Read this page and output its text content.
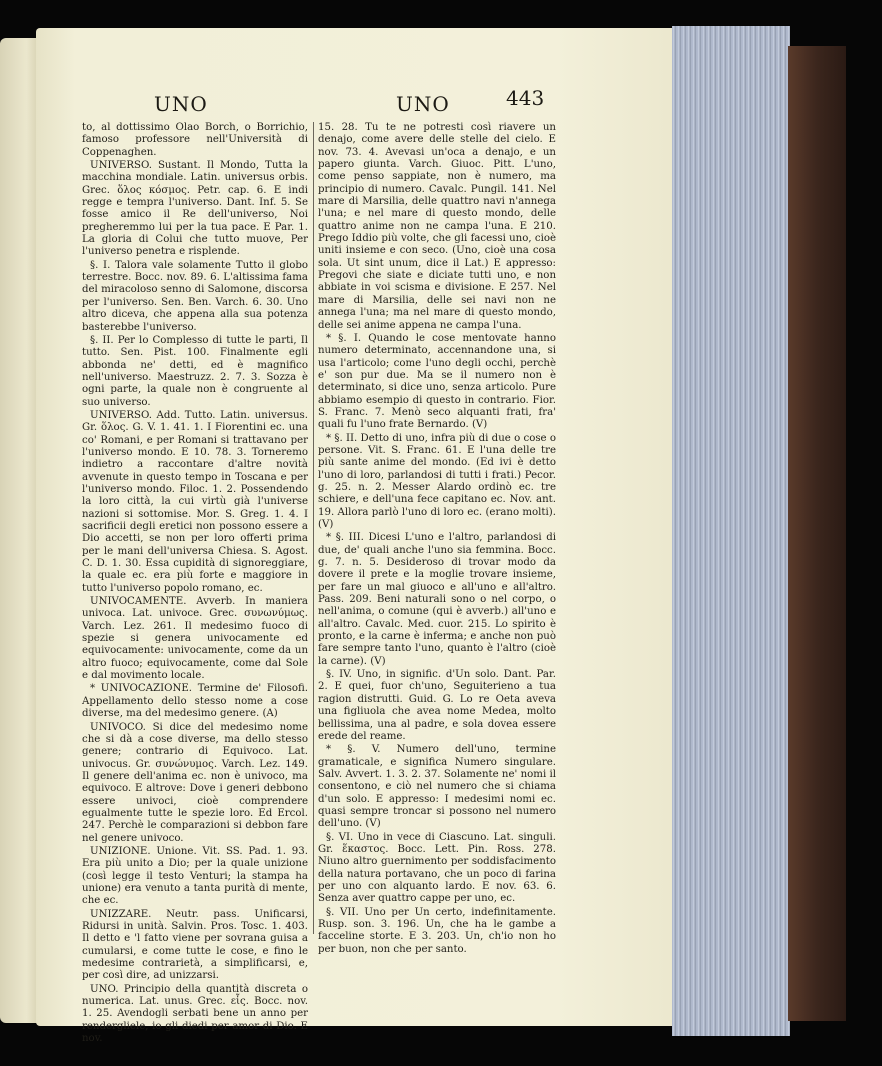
UNO	UNO	443

to, al dottissimo Olao Borch, o Borrichio, famoso professore nell'Università di Coppenaghen.

UNIVERSO. Sustant. Il Mondo, Tutta la macchina mondiale. Latin. universus orbis. Grec. ὅλος κόσμος. Petr. cap. 6. E indi regge e tempra l'universo. Dant. Inf. 5. Se fosse amico il Re dell'universo, Noi pregheremmo lui per la tua pace. E Par. 1. La gloria di Colui che tutto muove, Per l'universo penetra e risplende.

§. I. Talora vale solamente Tutto il globo terrestre. Bocc. nov. 89. 6. L'altissima fama del miracoloso senno di Salomone, discorsa per l'universo. Sen. Ben. Varch. 6. 30. Uno altro diceva, che appena alla sua potenza basterebbe l'universo.

§. II. Per lo Complesso di tutte le parti, Il tutto. Sen. Pist. 100. Finalmente egli abbonda ne' detti, ed è magnifico nell'universo. Maestruzz. 2. 7. 3. Sozza è ogni parte, la quale non è congruente al suo universo.

UNIVERSO. Add. Tutto. Latin. universus. Gr. ὅλος. G. V. 1. 41. 1. I Fiorentini ec. una co' Romani, e per Romani si trattavano per l'universo mondo. E 10. 78. 3. Torneremo indietro a raccontare d'altre novità avvenute in questo tempo in Toscana e per l'universo mondo. Filoc. 1. 2. Possendendo la loro città, la cui virtù già l'universe nazioni si sottomise. Mor. S. Greg. 1. 4. I sacrificii degli eretici non possono essere a Dio accetti, se non per loro offerti prima per le mani dell'universa Chiesa. S. Agost. C. D. 1. 30. Essa cupidità di signoreggiare, la quale ec. era più forte e maggiore in tutto l'universo popolo romano, ec.

UNIVOCAMENTE. Avverb. In maniera univoca. Lat. univoce. Grec. συνωνύμως. Varch. Lez. 261. Il medesimo fuoco di spezie si genera univocamente ed equivocamente: univocamente, come da un altro fuoco; equivocamente, come dal Sole e dal movimento locale.

* UNIVOCAZIONE. Termine de' Filosofi. Appellamento dello stesso nome a cose diverse, ma del medesimo genere. (A)

UNIVOCO. Si dice del medesimo nome che si dà a cose diverse, ma dello stesso genere; contrario di Equivoco. Lat. univocus. Gr. συνώνυμος. Varch. Lez. 149. Il genere dell'anima ec. non è univoco, ma equivoco. E altrove: Dove i generi debbono essere univoci, cioè comprendere egualmente tutte le spezie loro. Ed Ercol. 247. Perchè le comparazioni si debbon fare nel genere univoco.

UNIZIONE. Unione. Vit. SS. Pad. 1. 93. Era più unito a Dio; per la quale unizione (così legge il testo Venturi; la stampa ha unione) era venuto a tanta purità di mente, che ec.

UNIZZARE. Neutr. pass. Unificarsi, Ridursi in unità. Salvin. Pros. Tosc. 1. 403. Il detto e 'l fatto viene per sovrana guisa a cumularsi, e come tutte le cose, e fino le medesime contrarietà, a simplificarsi, e, per così dire, ad unizzarsi.

UNO. Principio della quantità discreta o numerica. Lat. unus. Grec. εἷς. Bocc. nov. 1. 25. Avendogli serbati bene un anno per rendergliele, io gli diedi per amor di Dio. E nov.

15. 28. Tu te ne potresti così riavere un denajo, come avere delle stelle del cielo. E nov. 73. 4. Avevasi un'oca a denajo, e un papero giunta. Varch. Giuoc. Pitt. L'uno, come penso sappiate, non è numero, ma principio di numero. Cavalc. Pungil. 141. Nel mare di Marsilia, delle quattro navi n'annega l'una; e nel mare di questo mondo, delle quattro anime non ne campa l'una. E 210. Prego Iddio più volte, che gli facessi uno, cioè uniti insieme e con seco. (Uno, cioè una cosa sola. Ut sint unum, dice il Lat.) E appresso: Pregovi che siate e diciate tutti uno, e non abbiate in voi scisma e divisione. E 257. Nel mare di Marsilia, delle sei navi non ne annega l'una; ma nel mare di questo mondo, delle sei anime appena ne campa l'una.

* §. I. Quando le cose mentovate hanno numero determinato, accennandone una, si usa l'articolo; come l'uno degli occhi, perchè e' son pur due. Ma se il numero non è determinato, si dice uno, senza articolo. Pure abbiamo esempio di questo in contrario. Fior. S. Franc. 7. Menò seco alquanti frati, fra' quali fu l'uno frate Bernardo. (V)

* §. II. Detto di uno, infra più di due o cose o persone. Vit. S. Franc. 61. E l'una delle tre più sante anime del mondo. (Ed ivi è detto l'uno di loro, parlandosi di tutti i frati.) Pecor. g. 25. n. 2. Messer Alardo ordinò ec. tre schiere, e dell'una fece capitano ec. Nov. ant. 19. Allora parlò l'uno di loro ec. (erano molti). (V)

* §. III. Dicesi L'uno e l'altro, parlandosi di due, de' quali anche l'uno sia femmina. Bocc. g. 7. n. 5. Desideroso di trovar modo da dovere il prete e la moglie trovare insieme, per fare un mal giuoco e all'uno e all'altro. Pass. 209. Beni naturali sono o nel corpo, o nell'anima, o comune (qui è avverb.) all'uno e all'altro. Cavalc. Med. cuor. 215. Lo spirito è pronto, e la carne è inferma; e anche non può fare sempre tanto l'uno, quanto è l'altro (cioè la carne). (V)

§. IV. Uno, in signific. d'Un solo. Dant. Par. 2. E quei, fuor ch'uno, Seguiterieno a tua ragion distrutti. Guid. G. Lo re Oeta aveva una figliuola che avea nome Medea, molto bellissima, una al padre, e sola dovea essere erede del reame.

* §. V. Numero dell'uno, termine gramaticale, e significa Numero singulare. Salv. Avvert. 1. 3. 2. 37. Solamente ne' nomi il consentono, e ciò nel numero che si chiama d'un solo. E appresso: I medesimi nomi ec. quasi sempre troncar si possono nel numero dell'uno. (V)

§. VI. Uno in vece di Ciascuno. Lat. singuli. Gr. ἕκαστος. Bocc. Lett. Pin. Ross. 278. Niuno altro guernimento per soddisfacimento della natura portavano, che un poco di farina per uno con alquanto lardo. E nov. 63. 6. Senza aver quattro cappe per uno, ec.

§. VII. Uno per Un certo, indefinitamente. Rusp. son. 3. 196. Un, che ha le gambe a facceline storte. E 3. 203. Un, ch'io non ho per buon, non che per santo.
